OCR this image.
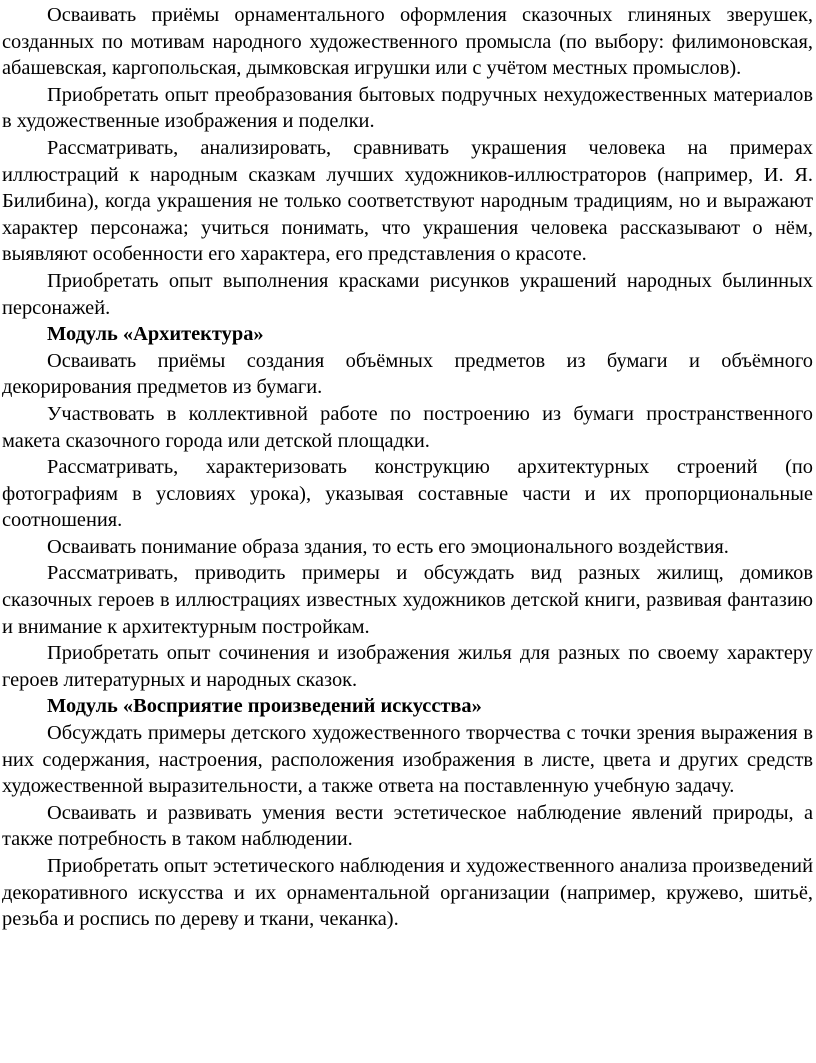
Осваивать приёмы орнаментального оформления сказочных глиняных зверушек, созданных по мотивам народного художественного промысла (по выбору: филимоновская, абашевская, каргопольская, дымковская игрушки или с учётом местных промыслов).

Приобретать опыт преобразования бытовых подручных нехудожественных материалов в художественные изображения и поделки.

Рассматривать, анализировать, сравнивать украшения человека на примерах иллюстраций к народным сказкам лучших художников-иллюстраторов (например, И. Я. Билибина), когда украшения не только соответствуют народным традициям, но и выражают характер персонажа; учиться понимать, что украшения человека рассказывают о нём, выявляют особенности его характера, его представления о красоте.

Приобретать опыт выполнения красками рисунков украшений народных былинных персонажей.

Модуль «Архитектура»

Осваивать приёмы создания объёмных предметов из бумаги и объёмного декорирования предметов из бумаги.

Участвовать в коллективной работе по построению из бумаги пространственного макета сказочного города или детской площадки.

Рассматривать, характеризовать конструкцию архитектурных строений (по фотографиям в условиях урока), указывая составные части и их пропорциональные соотношения.

Осваивать понимание образа здания, то есть его эмоционального воздействия.

Рассматривать, приводить примеры и обсуждать вид разных жилищ, домиков сказочных героев в иллюстрациях известных художников детской книги, развивая фантазию и внимание к архитектурным постройкам.

Приобретать опыт сочинения и изображения жилья для разных по своему характеру героев литературных и народных сказок.

Модуль «Восприятие произведений искусства»

Обсуждать примеры детского художественного творчества с точки зрения выражения в них содержания, настроения, расположения изображения в листе, цвета и других средств художественной выразительности, а также ответа на поставленную учебную задачу.

Осваивать и развивать умения вести эстетическое наблюдение явлений природы, а также потребность в таком наблюдении.

Приобретать опыт эстетического наблюдения и художественного анализа произведений декоративного искусства и их орнаментальной организации (например, кружево, шитьё, резьба и роспись по дереву и ткани, чеканка).
